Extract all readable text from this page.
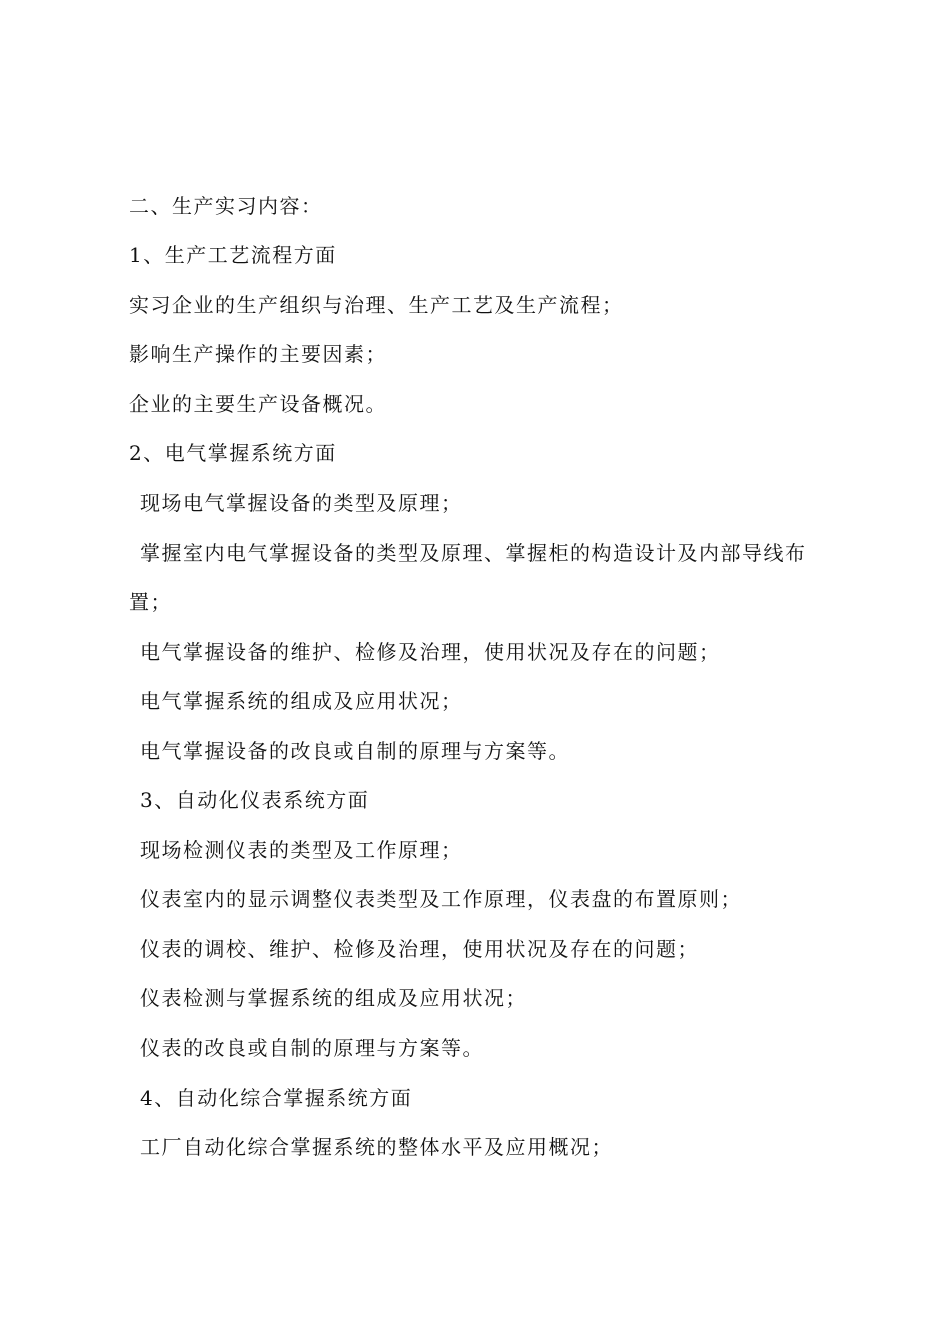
二、生产实习内容：
1、生产工艺流程方面
实习企业的生产组织与治理、生产工艺及生产流程；
影响生产操作的主要因素；
企业的主要生产设备概况。
2、电气掌握系统方面
现场电气掌握设备的类型及原理；
掌握室内电气掌握设备的类型及原理、掌握柜的构造设计及内部导线布
置；
电气掌握设备的维护、检修及治理，使用状况及存在的问题；
电气掌握系统的组成及应用状况；
电气掌握设备的改良或自制的原理与方案等。
3、自动化仪表系统方面
现场检测仪表的类型及工作原理；
仪表室内的显示调整仪表类型及工作原理，仪表盘的布置原则；
仪表的调校、维护、检修及治理，使用状况及存在的问题；
仪表检测与掌握系统的组成及应用状况；
仪表的改良或自制的原理与方案等。
4、自动化综合掌握系统方面
工厂自动化综合掌握系统的整体水平及应用概况；
